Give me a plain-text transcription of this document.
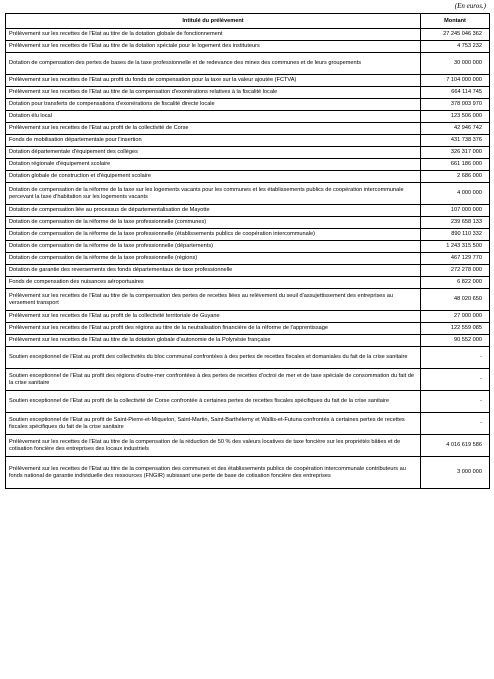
(En euros.)
Intitulé du prélèvement	Montant
Prélèvement sur les recettes de l'Etat au titre de la dotation globale de fonctionnement	27 245 046 362
Prélèvement sur les recettes de l'Etat au titre de la dotation spéciale pour le logement des instituteurs	4 753 232
Dotation de compensation des pertes de bases de la taxe professionnelle et de redevance des mines des communes et de leurs groupements	30 000 000
Prélèvement sur les recettes de l'Etat au profit du fonds de compensation pour la taxe sur la valeur ajoutée (FCTVA)	7 104 000 000
Prélèvement sur les recettes de l'Etat au titre de la compensation d'exonérations relatives à la fiscalité locale	664 114 745
Dotation pour transferts de compensations d'exonérations de fiscalité directe locale	378 003 970
Dotation élu local	123 506 000
Prélèvement sur les recettes de l'Etat au profit de la collectivité de Corse	42 946 742
Fonds de mobilisation départementale pour l'insertion	431 738 376
Dotation départementale d'équipement des collèges	326 317 000
Dotation régionale d'équipement scolaire	661 186 000
Dotation globale de construction et d'équipement scolaire	2 686 000
Dotation de compensation de la réforme de la taxe sur les logements vacants pour les communes et les établissements publics de coopération intercommunale percevant la taxe d'habitation sur les logements vacants	4 000 000
Dotation de compensation liée au processus de départementalisation de Mayotte	107 000 000
Dotation de compensation de la réforme de la taxe professionnelle (communes)	239 658 133
Dotation de compensation de la réforme de la taxe professionnelle (établissements publics de coopération intercommunale)	890 110 332
Dotation de compensation de la réforme de la taxe professionnelle (départements)	1 243 315 500
Dotation de compensation de la réforme de la taxe professionnelle (régions)	467 129 770
Dotation de garantie des reversements des fonds départementaux de taxe professionnelle	272 278 000
Fonds de compensation des nuisances aéroportuaires	6 822 000
Prélèvement sur les recettes de l'Etat au titre de la compensation des pertes de recettes liées au relèvement du seuil d'assujettissement des entreprises au versement transport	48 020 650
Prélèvement sur les recettes de l'Etat au profit de la collectivité territoriale de Guyane	27 000 000
Prélèvement sur les recettes de l'Etat au profit des régions au titre de la neutralisation financière de la réforme de l'apprentissage	122 559 085
Prélèvement sur les recettes de l'Etat au titre de la dotation globale d'autonomie de la Polynésie française	90 552 000
Soutien exceptionnel de l'Etat au profit des collectivités du bloc communal confrontées à des pertes de recettes fiscales et domaniales du fait de la crise sanitaire	-
Soutien exceptionnel de l'Etat au profit des régions d'outre-mer confrontées à des pertes de recettes d'octroi de mer et de taxe spéciale de consommation du fait de la crise sanitaire	-
Soutien exceptionnel de l'Etat au profit de la collectivité de Corse confrontée à certaines pertes de recettes fiscales spécifiques du fait de la crise sanitaire	-
Soutien exceptionnel de l'Etat au profit de Saint-Pierre-et-Miquelon, Saint-Martin, Saint-Barthélemy et Wallis-et-Futuna confrontés à certaines pertes de recettes fiscales spécifiques du fait de la crise sanitaire	-
Prélèvement sur les recettes de l'Etat au titre de la compensation de la réduction de 50 % des valeurs locatives de taxe foncière sur les propriétés bâties et de cotisation foncière des entreprises des locaux industriels	4 016 619 586
Prélèvement sur les recettes de l'Etat au titre de la compensation des communes et des établissements publics de coopération intercommunale contributeurs au fonds national de garantie individuelle des ressources (FNGIR) subissant une perte de base de cotisation foncière des entreprises	3 000 000
